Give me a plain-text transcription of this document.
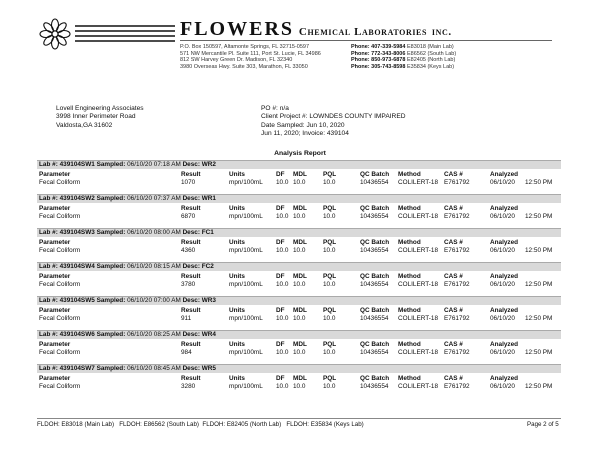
FLOWERS Chemical Laboratories inc.
P.O. Box 150597, Altamonte Springs, FL 32715-0597
571 NW Mercantile Pl. Suite 111, Port St. Lucie, FL 34986
812 SW Harvey Green Dr. Madison, FL 32340
3980 Overseas Hwy. Suite 303, Marathon, FL 33050
Phone: 407-339-5984 E83018 (Main Lab)
Phone: 772-343-8006 E86562 (South Lab)
Phone: 850-973-6878 E82405 (North Lab)
Phone: 305-743-8598 E35834 (Keys Lab)
Lovell Engineering Associates
3998 Inner Perimeter Road
Valdosta,GA 31602
PO #: n/a
Client Project #: LOWNDES COUNTY IMPAIRED
Date Sampled: Jun 10, 2020
Jun 11, 2020; Invoice: 439104
Analysis Report
Lab #: 439104SW1 Sampled: 06/10/20 07:18 AM Desc: WR2
Parameter	Result	Units	DF MDL	PQL	QC Batch Method	CAS #	Analyzed
Fecal Coliform	1070	mpn/100mL 10.0 10.0	10.0	10436554 COLILERT-18 E761792	06/10/20 12:50 PM
Lab #: 439104SW2 Sampled: 06/10/20 07:37 AM Desc: WR1
Parameter	Result	Units	DF MDL	PQL	QC Batch Method	CAS #	Analyzed
Fecal Coliform	6870	mpn/100mL 10.0 10.0	10.0	10436554 COLILERT-18 E761792	06/10/20 12:50 PM
Lab #: 439104SW3 Sampled: 06/10/20 08:00 AM Desc: FC1
Parameter	Result	Units	DF MDL	PQL	QC Batch Method	CAS #	Analyzed
Fecal Coliform	4360	mpn/100mL 10.0 10.0	10.0	10436554 COLILERT-18 E761792	06/10/20 12:50 PM
Lab #: 439104SW4 Sampled: 06/10/20 08:15 AM Desc: FC2
Parameter	Result	Units	DF MDL	PQL	QC Batch Method	CAS #	Analyzed
Fecal Coliform	3780	mpn/100mL 10.0 10.0	10.0	10436554 COLILERT-18 E761792	06/10/20 12:50 PM
Lab #: 439104SW5 Sampled: 06/10/20 07:00 AM Desc: WR3
Parameter	Result	Units	DF MDL	PQL	QC Batch Method	CAS #	Analyzed
Fecal Coliform	911	mpn/100mL 10.0 10.0	10.0	10436554 COLILERT-18 E761792	06/10/20 12:50 PM
Lab #: 439104SW6 Sampled: 06/10/20 08:25 AM Desc: WR4
Parameter	Result	Units	DF MDL	PQL	QC Batch Method	CAS #	Analyzed
Fecal Coliform	984	mpn/100mL 10.0 10.0	10.0	10436554 COLILERT-18 E761792	06/10/20 12:50 PM
Lab #: 439104SW7 Sampled: 06/10/20 08:45 AM Desc: WR5
Parameter	Result	Units	DF MDL	PQL	QC Batch Method	CAS #	Analyzed
Fecal Coliform	3280	mpn/100mL 10.0 10.0	10.0	10436554 COLILERT-18 E761792	06/10/20 12:50 PM
FLDOH: E83018 (Main Lab)   FLDOH: E86562 (South Lab)  FLDOH: E82405 (North Lab)   FLDOH: E35834 (Keys Lab)	Page 2 of 5
